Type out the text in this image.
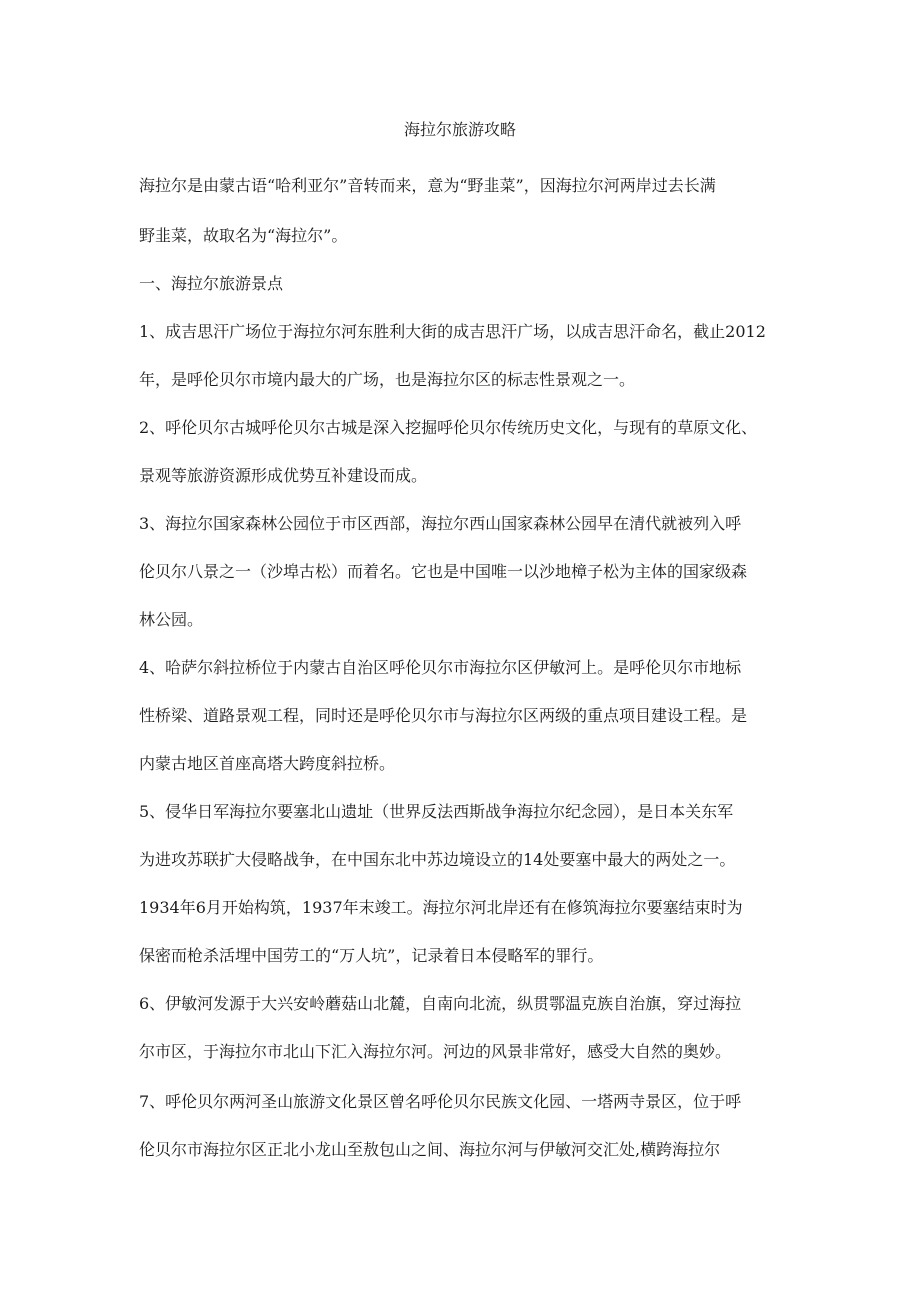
海拉尔旅游攻略
海拉尔是由蒙古语“哈利亚尔”音转而来，意为“野韭菜”，因海拉尔河两岸过去长满
野韭菜，故取名为“海拉尔”。
一、海拉尔旅游景点
1、成吉思汗广场位于海拉尔河东胜利大街的成吉思汗广场，以成吉思汗命名，截止2012
年，是呼伦贝尔市境内最大的广场，也是海拉尔区的标志性景观之一。
2、呼伦贝尔古城呼伦贝尔古城是深入挖掘呼伦贝尔传统历史文化，与现有的草原文化、
景观等旅游资源形成优势互补建设而成。
3、海拉尔国家森林公园位于市区西部，海拉尔西山国家森林公园早在清代就被列入呼
伦贝尔八景之一（沙埠古松）而着名。它也是中国唯一以沙地樟子松为主体的国家级森
林公园。
4、哈萨尔斜拉桥位于内蒙古自治区呼伦贝尔市海拉尔区伊敏河上。是呼伦贝尔市地标
性桥梁、道路景观工程，同时还是呼伦贝尔市与海拉尔区两级的重点项目建设工程。是
内蒙古地区首座高塔大跨度斜拉桥。
5、侵华日军海拉尔要塞北山遗址（世界反法西斯战争海拉尔纪念园），是日本关东军
为进攻苏联扩大侵略战争，在中国东北中苏边境设立的14处要塞中最大的两处之一。
1934年6月开始构筑，1937年末竣工。海拉尔河北岸还有在修筑海拉尔要塞结束时为
保密而枪杀活埋中国劳工的“万人坑”，记录着日本侵略军的罪行。
6、伊敏河发源于大兴安岭蘑菇山北麓，自南向北流，纵贯鄂温克族自治旗，穿过海拉
尔市区，于海拉尔市北山下汇入海拉尔河。河边的风景非常好，感受大自然的奥妙。
7、呼伦贝尔两河圣山旅游文化景区曾名呼伦贝尔民族文化园、一塔两寺景区，位于呼
伦贝尔市海拉尔区正北小龙山至敖包山之间、海拉尔河与伊敏河交汇处,横跨海拉尔
